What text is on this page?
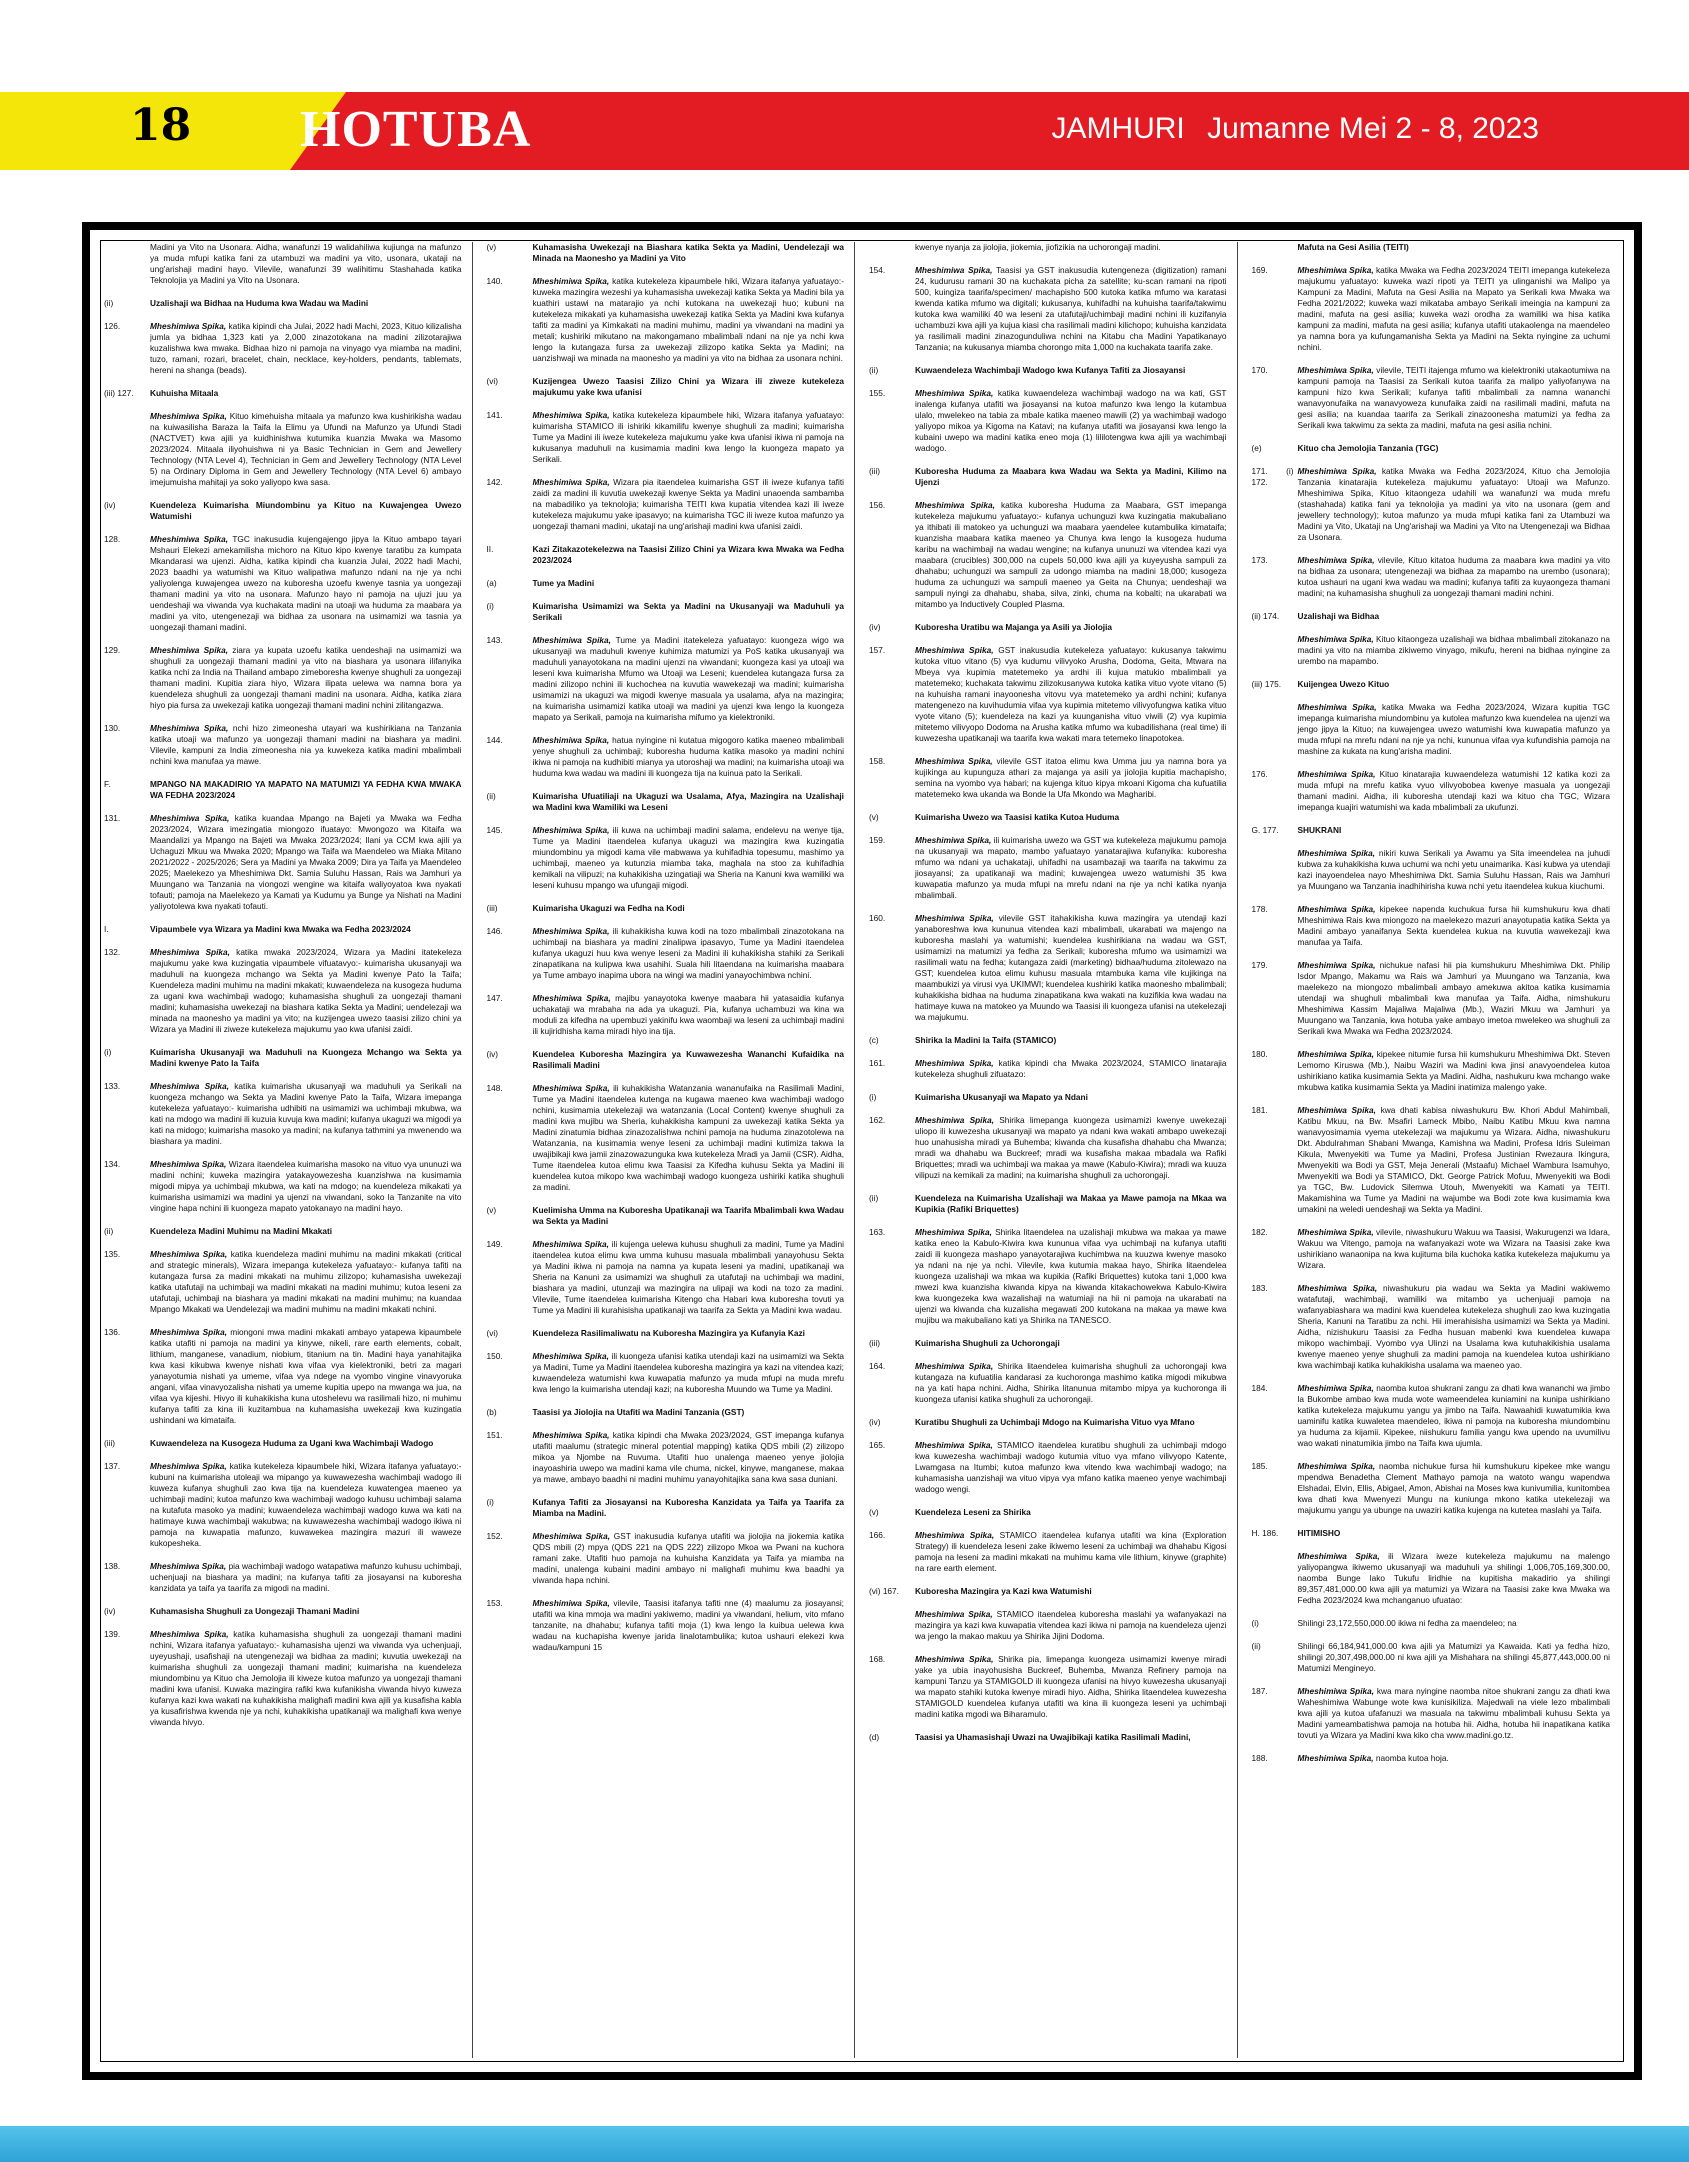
18 HOTUBA	JAMHURI Jumanne Mei 2 - 8, 2023
Madini ya Vito na Usonara. Aidha, wanafunzi 19 walidahiliwa kujiunga na mafunzo ya muda mfupi katika fani za utambuzi wa madini ya vito, usonara, ukataji na ung'arishaji madini hayo. Vilevile, wanafunzi 39 walihitimu Stashahada katika Teknolojia ya Madini ya Vito na Usonara.
(ii)	Uzalishaji wa Bidhaa na Huduma kwa Wadau wa Madini
126.	Mheshimiwa Spika, katika kipindi cha Julai, 2022 hadi Machi, 2023, Kituo kilizalisha jumla ya bidhaa 1,323 kati ya 2,000 zinazotokana na madini zilizotarajiwa kuzalishwa kwa mwaka. Bidhaa hizo ni pamoja na vinyago vya miamba na madini, tuzo, ramani, rozari, bracelet, chain, necklace, key-holders, pendants, tablemats, hereni na shanga (beads).
(iii) 127.	Kuhuisha Mitaala
Mheshimiwa Spika, Kituo kimehuisha mitaala ya mafunzo kwa kushirikisha wadau na kuiwasilisha Baraza la Taifa la Elimu ya Ufundi na Mafunzo ya Ufundi Stadi (NACTVET) kwa ajili ya kuidhinishwa kutumika kuanzia Mwaka wa Masomo 2023/2024. Mitaala iliyohuishwa ni ya Basic Technician in Gem and Jewellery Technology (NTA Level 4), Technician in Gem and Jewellery Technology (NTA Level 5) na Ordinary Diploma in Gem and Jewellery Technology (NTA Level 6) ambayo imejumuisha mahitaji ya soko yaliyopo kwa sasa.
(iv)	Kuendeleza Kuimarisha Miundombinu ya Kituo na Kuwajengea Uwezo Watumishi
128.	Mheshimiwa Spika, TGC inakusudia kujengajengo jipya la Kituo ambapo tayari Mshauri Elekezi amekamilisha michoro na Kituo kipo kwenye taratibu za kumpata Mkandarasi wa ujenzi. Aidha, katika kipindi cha kuanzia Julai, 2022 hadi Machi, 2023 baadhi ya watumishi wa Kituo walipatiwa mafunzo ndani na nje ya nchi yaliyolenga kuwajengea uwezo na kuboresha uzoefu kwenye tasnia ya uongezaji thamani madini ya vito na usonara. Mafunzo hayo ni pamoja na ujuzi juu ya uendeshaji wa viwanda vya kuchakata madini na utoaji wa huduma za maabara ya madini ya vito, utengenezaji wa bidhaa za usonara na usimamizi wa tasnia ya uongezaji thamani madini.
129.	Mheshimiwa Spika, ziara ya kupata uzoefu katika uendeshaji na usimamizi wa shughuli za uongezaji thamani madini ya vito na biashara ya usonara ilifanyika katika nchi za India na Thailand ambapo zimeboresha kwenye shughuli za uongezaji thamani madini. Kupitia ziara hiyo, Wizara ilipata uelewa wa namna bora ya kuendeleza shughuli za uongezaji thamani madini na usonara. Aidha, katika ziara hiyo pia fursa za uwekezaji katika uongezaji thamani madini nchini zilitangazwa.
130.	Mheshimiwa Spika, nchi hizo zimeonesha utayari wa kushirikiana na Tanzania katika utoaji wa mafunzo ya uongezaji thamani madini na biashara ya madini. Vilevile, kampuni za India zimeonesha nia ya kuwekeza katika madini mbalimbali nchini kwa manufaa ya mawe.
F.	MPANGO NA MAKADIRIO YA MAPATO NA MATUMIZI YA FEDHA KWA MWAKA WA FEDHA 2023/2024
131.	Mheshimiwa Spika, katika kuandaa Mpango na Bajeti ya Mwaka wa Fedha 2023/2024, Wizara imezingatia miongozo ifuatayo: Mwongozo wa Kitaifa wa Maandalizi ya Mpango na Bajeti wa Mwaka 2023/2024; Ilani ya CCM kwa ajili ya Uchaguzi Mkuu wa Mwaka 2020; Mpango wa Taifa wa Maendeleo wa Miaka Mitano 2021/2022 - 2025/2026; Sera ya Madini ya Mwaka 2009; Dira ya Taifa ya Maendeleo 2025; Maelekezo ya Mheshimiwa Dkt. Samia Suluhu Hassan, Rais wa Jamhuri ya Muungano wa Tanzania na viongozi wengine wa kitaifa waliyoyatoa kwa nyakati tofauti; pamoja na Maelekezo ya Kamati ya Kudumu ya Bunge ya Nishati na Madini yaliyotolewa kwa nyakati tofauti.
I.	Vipaumbele vya Wizara ya Madini kwa Mwaka wa Fedha 2023/2024
132.	Mheshimiwa Spika, katika mwaka 2023/2024, Wizara ya Madini itatekeleza majukumu yake kwa kuzingatia vipaumbele vifuatavyo:- kuimarisha ukusanyaji wa maduhuli na kuongeza mchango wa Sekta ya Madini kwenye Pato la Taifa; Kuendeleza madini muhimu na madini mkakati; kuwaendeleza na kusogeza huduma za ugani kwa wachimbaji wadogo; kuhamasisha shughuli za uongezaji thamani madini; kuhamasisha uwekezaji na biashara katika Sekta ya Madini; uendelezaji wa minada na maonesho ya madini ya vito; na kuzijengea uwezo taasisi zilizo chini ya Wizara ya Madini ili ziweze kutekeleza majukumu yao kwa ufanisi zaidi.
(i)	Kuimarisha Ukusanyaji wa Maduhuli na Kuongeza Mchango wa Sekta ya Madini kwenye Pato la Taifa
133.	Mheshimiwa Spika, katika kuimarisha ukusanyaji wa maduhuli ya Serikali na kuongeza mchango wa Sekta ya Madini kwenye Pato la Taifa, Wizara imepanga kutekeleza yafuatayo:- kuimarisha udhibiti na usimamizi wa uchimbaji mkubwa, wa kati na mdogo wa madini ili kuzuia kuvuja kwa madini; kufanya ukaguzi wa migodi ya kati na midogo; kuimarisha masoko ya madini; na kufanya tathmini ya mwenendo wa biashara ya madini.
134.	Mheshimiwa Spika, Wizara itaendelea kuimarisha masoko na vituo vya ununuzi wa madini nchini; kuweka mazingira yatakayowezesha kuanzishwa na kusimamia migodi mipya ya uchimbaji mkubwa, wa kati na mdogo; na kuendeleza mikakati ya kuimarisha usimamizi wa madini ya ujenzi na viwandani, soko la Tanzanite na vito vingine hapa nchini ili kuongeza mapato yatokanayo na madini hayo.
(ii)	Kuendeleza Madini Muhimu na Madini Mkakati
135.	Mheshimiwa Spika, katika kuendeleza madini muhimu na madini mkakati (critical and strategic minerals), Wizara imepanga kutekeleza yafuatayo:- kufanya tafiti na kutangaza fursa za madini mkakati na muhimu zilizopo; kuhamasisha uwekezaji katika utafutaji na uchimbaji wa madini mkakati na madini muhimu; kutoa leseni za utafutaji, uchimbaji na biashara ya madini mkakati na madini muhimu; na kuandaa Mpango Mkakati wa Uendelezaji wa madini muhimu na madini mkakati nchini.
136.	Mheshimiwa Spika, miongoni mwa madini mkakati ambayo yatapewa kipaumbele katika utafiti ni pamoja na madini ya kinywe, nikeli, rare earth elements, cobalt, lithium, manganese, vanadium, niobium, titanium na tin. Madini haya yanahitajika kwa kasi kikubwa kwenye nishati kwa vifaa vya kielektroniki, betri za magari yanayotumia nishati ya umeme, vifaa vya ndege na vyombo vingine vinavyoruka angani, vifaa vinavyozalisha nishati ya umeme kupitia upepo na mwanga wa jua, na vifaa vya kijeshi. Hivyo ili kuhakikisha kuna utoshelevu wa rasilimali hizo, ni muhimu kufanya tafiti za kina ili kuzitambua na kuhamasisha uwekezaji kwa kuzingatia ushindani wa kimataifa.
(iii)	Kuwaendeleza na Kusogeza Huduma za Ugani kwa Wachimbaji Wadogo
137.	Mheshimiwa Spika, katika kutekeleza kipaumbele hiki, Wizara itafanya yafuatayo:- kubuni na kuimarisha utoleaji wa mipango ya kuwawezesha wachimbaji wadogo ili kuweza kufanya shughuli zao kwa tija na kuendeleza kuwatengea maeneo ya uchimbaji madini; kutoa mafunzo kwa wachimbaji wadogo kuhusu uchimbaji salama na kutafuta masoko ya madini; kuwaendeleza wachimbaji wadogo kuwa wa kati na hatimaye kuwa wachimbaji wakubwa; na kuwawezesha wachimbaji wadogo ikiwa ni pamoja na kuwapatia mafunzo, kuwawekea mazingira mazuri ili waweze kukopesheka.
138.	Mheshimiwa Spika, pia wachimbaji wadogo watapatiwa mafunzo kuhusu uchimbaji, uchenjuaji na biashara ya madini; na kufanya tafiti za jiosayansi na kuboresha kanzidata ya taifa ya taarifa za migodi na madini.
(iv)	Kuhamasisha Shughuli za Uongezaji Thamani Madini
139.	Mheshimiwa Spika, katika kuhamasisha shughuli za uongezaji thamani madini nchini, Wizara itafanya yafuatayo:- kuhamasisha ujenzi wa viwanda vya uchenjuaji, uyeyushaji, usafishaji na utengenezaji wa bidhaa za madini; kuvutia uwekezaji na kuimarisha shughuli za uongezaji thamani madini; kuimarisha na kuendeleza miundombinu ya Kituo cha Jemolojia ili kiweze kutoa mafunzo ya uongezaji thamani madini kwa ufanisi. Kuwaka mazingira rafiki kwa kufanikisha viwanda hivyo kuweza kufanya kazi kwa wakati na kuhakikisha malighafi madini kwa ajili ya kusafisha kabla ya kusafirishwa kwenda nje ya nchi, kuhakikisha upatikanaji wa malighafi kwa wenye viwanda hivyo.
(v)	Kuhamasisha Uwekezaji na Biashara katika Sekta ya Madini, Uendelezaji wa Minada na Maonesho ya Madini ya Vito
140.	Mheshimiwa Spika, katika kutekeleza kipaumbele hiki, Wizara itafanya yafuatayo:- kuweka mazingira wezeshi ya kuhamasisha uwekezaji katika Sekta ya Madini bila ya kuathiri ustawi na matarajio ya nchi kutokana na uwekezaji huo; kubuni na kutekeleza mikakati ya kuhamasisha uwekezaji katika Sekta ya Madini kwa kufanya tafiti za madini ya Kimkakati na madini muhimu, madini ya viwandani na madini ya metali; kushiriki mikutano na makongamano mbalimbali ndani na nje ya nchi kwa lengo la kutangaza fursa za uwekezaji zilizopo katika Sekta ya Madini; na uanzishwaji wa minada na maonesho ya madini ya vito na bidhaa za usonara nchini.
(vi)	Kuzijengea Uwezo Taasisi Zilizo Chini ya Wizara ili ziweze kutekeleza majukumu yake kwa ufanisi
141.	Mheshimiwa Spika, katika kutekeleza kipaumbele hiki, Wizara itafanya yafuatayo: kuimarisha STAMICO ili ishiriki kikamilifu kwenye shughuli za madini; kuimarisha Tume ya Madini ili iweze kutekeleza majukumu yake kwa ufanisi ikiwa ni pamoja na kukusanya maduhuli na kusimamia madini kwa lengo la kuongeza mapato ya Serikali.
142.	Mheshimiwa Spika, Wizara pia itaendelea kuimarisha GST ili iweze kufanya tafiti zaidi za madini ili kuvutia uwekezaji kwenye Sekta ya Madini unaoenda sambamba na mabadiliko ya teknolojia; kuimarisha TEITI kwa kupatia vitendea kazi ili iweze kutekeleza majukumu yake ipasavyo; na kuimarisha TGC ili iweze kutoa mafunzo ya uongezaji thamani madini, ukataji na ung'arishaji madini kwa ufanisi zaidi.
II.	Kazi Zitakazotekelezwa na Taasisi Zilizo Chini ya Wizara kwa Mwaka wa Fedha 2023/2024
(a)	Tume ya Madini
(i)	Kuimarisha Usimamizi wa Sekta ya Madini na Ukusanyaji wa Maduhuli ya Serikali
143.	Mheshimiwa Spika, Tume ya Madini itatekeleza yafuatayo: kuongeza wigo wa ukusanyaji wa maduhuli kwenye kuhimiza matumizi ya PoS katika ukusanyaji wa maduhuli yanayotokana na madini ujenzi na viwandani; kuongeza kasi ya utoaji wa leseni kwa kuimarisha Mfumo wa Utoaji wa Leseni; kuendelea kutangaza fursa za madini zilizopo nchini ili kuchochea na kuvutia wawekezaji wa madini; kuimarisha usimamizi na ukaguzi wa migodi kwenye masuala ya usalama, afya na mazingira; na kuimarisha usimamizi katika utoaji wa madini ya ujenzi kwa lengo la kuongeza mapato ya Serikali, pamoja na kuimarisha mifumo ya kielektroniki.
144.	Mheshimiwa Spika, hatua nyingine ni kutatua migogoro katika maeneo mbalimbali yenye shughuli za uchimbaji; kuboresha huduma katika masoko ya madini nchini ikiwa ni pamoja na kudhibiti mianya ya utoroshaji wa madini; na kuimarisha utoaji wa huduma kwa wadau wa madini ili kuongeza tija na kuinua pato la Serikali.
(ii)	Kuimarisha Ufuatiliaji na Ukaguzi wa Usalama, Afya, Mazingira na Uzalishaji wa Madini kwa Wamiliki wa Leseni
145.	Mheshimiwa Spika, ili kuwa na uchimbaji madini salama, endelevu na wenye tija, Tume ya Madini itaendelea kufanya ukaguzi wa mazingira kwa kuzingatia miundombinu ya migodi kama vile mabwawa ya kuhifadhia topesumu, mashimo ya uchimbaji, maeneo ya kutunzia miamba taka, maghala na stoo za kuhifadhia kemikali na vilipuzi; na kuhakikisha uzingatiaji wa Sheria na Kanuni kwa wamiliki wa leseni kuhusu mpango wa ufungaji migodi.
(iii)	Kuimarisha Ukaguzi wa Fedha na Kodi
146.	Mheshimiwa Spika, ili kuhakikisha kuwa kodi na tozo mbalimbali zinazotokana na uchimbaji na biashara ya madini zinalipwa ipasavyo, Tume ya Madini itaendelea kufanya ukaguzi huu kwa wenye leseni za Madini ili kuhakikisha stahiki za Serikali zinapatikana na kulipwa kwa usahihi. Suala hili litaendana na kuimarisha maabara ya Tume ambayo inapima ubora na wingi wa madini yanayochimbwa nchini.
147.	Mheshimiwa Spika, majibu yanayotoka kwenye maabara hii yatasaidia kufanya uchakataji wa mrabaha na ada ya ukaguzi. Pia, kufanya uchambuzi wa kina wa moduli za kifedha na upembuzi yakinifu kwa waombaji wa leseni za uchimbaji madini ili kujiridhisha kama miradi hiyo ina tija.
(iv)	Kuendelea Kuboresha Mazingira ya Kuwawezesha Wananchi Kufaidika na Rasilimali Madini
148.	Mheshimiwa Spika, ili kuhakikisha Watanzania wananufaika na Rasilimali Madini, Tume ya Madini itaendelea kutenga na kugawa maeneo kwa wachimbaji wadogo nchini, kusimamia utekelezaji wa watanzania (Local Content) kwenye shughuli za madini kwa mujibu wa Sheria, kuhakikisha kampuni za uwekezaji katika Sekta ya Madini zinatumia bidhaa zinazozalishwa nchini pamoja na huduma zinazotolewa na Watanzania, na kusimamia wenye leseni za uchimbaji madini kutimiza takwa la uwajibikaji kwa jamii zinazowazunguka kwa kutekeleza Mradi ya Jamii (CSR). Aidha, Tume itaendelea kutoa elimu kwa Taasisi za Kifedha kuhusu Sekta ya Madini ili kuendelea kutoa mikopo kwa wachimbaji wadogo kuongeza ushiriki katika shughuli za madini.
(v)	Kuelimisha Umma na Kuboresha Upatikanaji wa Taarifa Mbalimbali kwa Wadau wa Sekta ya Madini
149.	Mheshimiwa Spika, ili kujenga uelewa kuhusu shughuli za madini, Tume ya Madini itaendelea kutoa elimu kwa umma kuhusu masuala mbalimbali yanayohusu Sekta ya Madini ikiwa ni pamoja na namna ya kupata leseni ya madini, upatikanaji wa Sheria na Kanuni za usimamizi wa shughuli za utafutaji na uchimbaji wa madini, biashara ya madini, utunzaji wa mazingira na ulipaji wa kodi na tozo za madini. Vilevile, Tume itaendelea kuimarisha Kitengo cha Habari kwa kuboresha tovuti ya Tume ya Madini ili kurahisisha upatikanaji wa taarifa za Sekta ya Madini kwa wadau.
(vi)	Kuendeleza Rasilimaliwatu na Kuboresha Mazingira ya Kufanyia Kazi
150.	Mheshimiwa Spika, ili kuongeza ufanisi katika utendaji kazi na usimamizi wa Sekta ya Madini, Tume ya Madini itaendelea kuboresha mazingira ya kazi na vitendea kazi; kuwaendeleza watumishi kwa kuwapatia mafunzo ya muda mfupi na muda mrefu kwa lengo la kuimarisha utendaji kazi; na kuboresha Muundo wa Tume ya Madini.
(b)	Taasisi ya Jiolojia na Utafiti wa Madini Tanzania (GST)
151.	Mheshimiwa Spika, katika kipindi cha Mwaka 2023/2024, GST imepanga kufanya utafiti maalumu (strategic mineral potential mapping) katika QDS mbili (2) zilizopo mikoa ya Njombe na Ruvuma. Utafiti huo unalenga maeneo yenye jiolojia inayoashiria uwepo wa madini kama vile chuma, nickel, kinywe, manganese, makaa ya mawe, ambayo baadhi ni madini muhimu yanayohitajika sana kwa sasa duniani.
(i)	Kufanya Tafiti za Jiosayansi na Kuboresha Kanzidata ya Taifa ya Taarifa za Miamba na Madini.
152.	Mheshimiwa Spika, GST inakusudia kufanya utafiti wa jiolojia na jiokemia katika QDS mbili (2) mpya (QDS 221 na QDS 222) zilizopo Mkoa wa Pwani na kuchora ramani zake. Utafiti huo pamoja na kuhuisha Kanzidata ya Taifa ya miamba na madini, unalenga kubaini madini ambayo ni malighafi muhimu kwa baadhi ya viwanda hapa nchini.
153.	Mheshimiwa Spika, vilevile, Taasisi itafanya tafiti nne (4) maalumu za jiosayansi; utafiti wa kina mmoja wa madini yakiwemo, madini ya viwandani, helium, vito mfano tanzanite, na dhahabu; kufanya tafiti moja (1) kwa lengo la kuibua uelewa kwa wadau na kuchapisha kwenye jarida linalotambulika; kutoa ushauri elekezi kwa wadau/kampuni 15
kwenye nyanja za jiolojia, jiokemia, jiofizikia na uchorongaji madini.
154.	Mheshimiwa Spika, Taasisi ya GST inakusudia kutengeneza (digitization) ramani 24, kudurusu ramani 30 na kuchakata picha za satellite; ku-scan ramani na ripoti 500, kuingiza taarifa/specimen/ machapisho 500 kutoka katika mfumo wa karatasi kwenda katika mfumo wa digitali; kukusanya, kuhifadhi na kuhuisha taarifa/takwimu kutoka kwa wamiliki 40 wa leseni za utafutaji/uchimbaji madini nchini ili kuzifanyia uchambuzi kwa ajili ya kujua kiasi cha rasilimali madini kilichopo; kuhuisha kanzidata ya rasilimali madini zinazogunduliwa nchini na Kitabu cha Madini Yapatikanayo Tanzania; na kukusanya miamba chorongo mita 1,000 na kuchakata taarifa zake.
(ii)	Kuwaendeleza Wachimbaji Wadogo kwa Kufanya Tafiti za Jiosayansi
155.	Mheshimiwa Spika, katika kuwaendeleza wachimbaji wadogo na wa kati, GST inalenga kufanya utafiti wa jiosayansi na kutoa mafunzo kwa lengo la kutambua ulalo, mwelekeo na tabia za mbale katika maeneo mawili (2) ya wachimbaji wadogo yaliyopo mikoa ya Kigoma na Katavi; na kufanya utafiti wa jiosayansi kwa lengo la kubaini uwepo wa madini katika eneo moja (1) lililotengwa kwa ajili ya wachimbaji wadogo.
(iii)	Kuboresha Huduma za Maabara kwa Wadau wa Sekta ya Madini, Kilimo na Ujenzi
156.	Mheshimiwa Spika, katika kuboresha Huduma za Maabara, GST imepanga kutekeleza majukumu yafuatayo:- kufanya uchunguzi kwa kuzingatia makubaliano ya ithibati ili matokeo ya uchunguzi wa maabara yaendelee kutambulika kimataifa; kuanzisha maabara katika maeneo ya Chunya kwa lengo la kusogeza huduma karibu na wachimbaji na wadau wengine; na kufanya ununuzi wa vitendea kazi vya maabara (crucibles) 300,000 na cupels 50,000 kwa ajili ya kuyeyusha sampuli za dhahabu; uchunguzi wa sampuli za udongo miamba na madini 18,000; kusogeza huduma za uchunguzi wa sampuli maeneo ya Geita na Chunya; uendeshaji wa sampuli nyingi za dhahabu, shaba, silva, zinki, chuma na kobalti; na ukarabati wa mitambo ya Inductively Coupled Plasma.
(iv)	Kuboresha Uratibu wa Majanga ya Asili ya Jiolojia
157.	Mheshimiwa Spika, GST inakusudia kutekeleza yafuatayo: kukusanya takwimu kutoka vituo vitano (5) vya kudumu vilivyoko Arusha, Dodoma, Geita, Mtwara na Mbeya vya kupimia matetemeko ya ardhi ili kujua matukio mbalimbali ya matetemeko; kuchakata takwimu zilizokusanywa kutoka katika vituo vyote vitano (5) na kuhuisha ramani inayoonesha vitovu vya matetemeko ya ardhi nchini; kufanya matengenezo na kuvihudumia vifaa vya kupimia mitetemo vilivyofungwa katika vituo vyote vitano (5); kuendeleza na kazi ya kuunganisha vituo viwili (2) vya kupimia mitetemo vilivyopo Dodoma na Arusha katika mfumo wa kubadilishana (real time) ili kuwezesha upatikanaji wa taarifa kwa wakati mara tetemeko linapotokea.
158.	Mheshimiwa Spika, vilevile GST itatoa elimu kwa Umma juu ya namna bora ya kujikinga au kupunguza athari za majanga ya asili ya jiolojia kupitia machapisho, semina na vyombo vya habari; na kujenga kituo kipya mkoani Kigoma cha kufuatilia matetemeko kwa ukanda wa Bonde la Ufa Mkondo wa Magharibi.
(v)	Kuimarisha Uwezo wa Taasisi katika Kutoa Huduma
159.	Mheshimiwa Spika, ili kuimarisha uwezo wa GST wa kutekeleza majukumu pamoja na ukusanyaji wa mapato, mambo yafuatayo yanatarajiwa kufanyika: kuboresha mfumo wa ndani ya uchakataji, uhifadhi na usambazaji wa taarifa na takwimu za jiosayansi; za upatikanaji wa madini; kuwajengea uwezo watumishi 35 kwa kuwapatia mafunzo ya muda mfupi na mrefu ndani na nje ya nchi katika nyanja mbalimbali.
160.	Mheshimiwa Spika, vilevile GST itahakikisha kuwa mazingira ya utendaji kazi yanaboreshwa kwa kununua vitendea kazi mbalimbali, ukarabati wa majengo na kuboresha maslahi ya watumishi; kuendelea kushirikiana na wadau wa GST, usimamizi na matumizi ya fedha za Serikali; kuboresha mfumo wa usimamizi wa rasilimali watu na fedha; kutangaza zaidi (marketing) bidhaa/huduma zitolewazo na GST; kuendelea kutoa elimu kuhusu masuala mtambuka kama vile kujikinga na maambukizi ya virusi vya UKIMWI; kuendelea kushiriki katika maonesho mbalimbali; kuhakikisha bidhaa na huduma zinapatikana kwa wakati na kuzifikia kwa wadau na hatimaye kuwa na matokeo ya Muundo wa Taasisi ili kuongeza ufanisi na utekelezaji wa majukumu.
(c)	Shirika la Madini la Taifa (STAMICO)
161.	Mheshimiwa Spika, katika kipindi cha Mwaka 2023/2024, STAMICO linatarajia kutekeleza shughuli zifuatazo:
(i)	Kuimarisha Ukusanyaji wa Mapato ya Ndani
162.	Mheshimiwa Spika, Shirika limepanga kuongeza usimamizi kwenye uwekezaji uliopo ili kuwezesha ukusanyaji wa mapato ya ndani kwa wakati ambapo uwekezaji huo unahusisha miradi ya Buhemba; kiwanda cha kusafisha dhahabu cha Mwanza; mradi wa dhahabu wa Buckreef; mradi wa kusafisha makaa mbadala wa Rafiki Briquettes; mradi wa uchimbaji wa makaa ya mawe (Kabulo-Kiwira); mradi wa kuuza vilipuzi na kemikali za madini; na kuimarisha shughuli za uchorongaji.
(ii)	Kuendeleza na Kuimarisha Uzalishaji wa Makaa ya Mawe pamoja na Mkaa wa Kupikia (Rafiki Briquettes)
163.	Mheshimiwa Spika, Shirika litaendelea na uzalishaji mkubwa wa makaa ya mawe katika eneo la Kabulo-Kiwira kwa kununua vifaa vya uchimbaji na kufanya utafiti zaidi ili kuongeza mashapo yanayotarajiwa kuchimbwa na kuuzwa kwenye masoko ya ndani na nje ya nchi. Vilevile, kwa kutumia makaa hayo, Shirika litaendelea kuongeza uzalishaji wa mkaa wa kupikia (Rafiki Briquettes) kutoka tani 1,000 kwa mwezi kwa kuanzisha kiwanda kipya na kiwanda kitakachowekwa Kabulo-Kiwira kwa kuongezeka kwa wazalishaji na watumiaji na hii ni pamoja na ukarabati na ujenzi wa kiwanda cha kuzalisha megawati 200 kutokana na makaa ya mawe kwa mujibu wa makubaliano kati ya Shirika na TANESCO.
(iii)	Kuimarisha Shughuli za Uchorongaji
164.	Mheshimiwa Spika, Shirika litaendelea kuimarisha shughuli za uchorongaji kwa kutangaza na kufuatilia kandarasi za kuchoronga mashimo katika migodi mikubwa na ya kati hapa nchini. Aidha, Shirika litanunua mitambo mipya ya kuchoronga ili kuongeza ufanisi katika shughuli za uchorongaji.
(iv)	Kuratibu Shughuli za Uchimbaji Mdogo na Kuimarisha Vituo vya Mfano
165.	Mheshimiwa Spika, STAMICO itaendelea kuratibu shughuli za uchimbaji mdogo kwa kuwezesha wachimbaji wadogo kutumia vituo vya mfano vilivyopo Katente, Lwamgasa na Itumbi; kutoa mafunzo kwa vitendo kwa wachimbaji wadogo; na kuhamasisha uanzishaji wa vituo vipya vya mfano katika maeneo yenye wachimbaji wadogo wengi.
(v)	Kuendeleza Leseni za Shirika
166.	Mheshimiwa Spika, STAMICO itaendelea kufanya utafiti wa kina (Exploration Strategy) ili kuendeleza leseni zake ikiwemo leseni za uchimbaji wa dhahabu Kigosi pamoja na leseni za madini mkakati na muhimu kama vile lithium, kinywe (graphite) na rare earth element.
(vi) 167.	Kuboresha Mazingira ya Kazi kwa Watumishi
Mheshimiwa Spika, STAMICO itaendelea kuboresha maslahi ya wafanyakazi na mazingira ya kazi kwa kuwapatia vitendea kazi ikiwa ni pamoja na kuendeleza ujenzi wa jengo la makao makuu ya Shirika Jijini Dodoma.
168.	Mheshimiwa Spika, Shirika pia, limepanga kuongeza usimamizi kwenye miradi yake ya ubia inayohusisha Buckreef, Buhemba, Mwanza Refinery pamoja na kampuni Tanzu ya STAMIGOLD ili kuongeza ufanisi na hivyo kuwezesha ukusanyaji wa mapato stahiki kutoka kwenye miradi hiyo. Aidha, Shirika litaendelea kuwezesha STAMIGOLD kuendelea kufanya utafiti wa kina ili kuongeza leseni ya uchimbaji madini katika mgodi wa Biharamulo.
(d)	Taasisi ya Uhamasishaji Uwazi na Uwajibikaji katika Rasilimali Madini,
Mafuta na Gesi Asilia (TEITI)
169.	Mheshimiwa Spika, katika Mwaka wa Fedha 2023/2024 TEITI imepanga kutekeleza majukumu yafuatayo: kuweka wazi ripoti ya TEITI ya ulinganishi wa Malipo ya Kampuni za Madini, Mafuta na Gesi Asilia na Mapato ya Serikali kwa Mwaka wa Fedha 2021/2022; kuweka wazi mikataba ambayo Serikali imeingia na kampuni za madini, mafuta na gesi asilia; kuweka wazi orodha za wamiliki wa hisa katika kampuni za madini, mafuta na gesi asilia; kufanya utafiti utakaolenga na maendeleo ya namna bora ya kufungamanisha Sekta ya Madini na Sekta nyingine za uchumi nchini.
170.	Mheshimiwa Spika, vilevile, TEITI itajenga mfumo wa kielektroniki utakaotumiwa na kampuni pamoja na Taasisi za Serikali kutoa taarifa za malipo yaliyofanywa na kampuni hizo kwa Serikali; kufanya tafiti mbalimbali za namna wananchi wanavyonufaika na wanavyoweza kunufaika zaidi na rasilimali madini, mafuta na gesi asilia; na kuandaa taarifa za Serikali zinazoonesha matumizi ya fedha za Serikali kwa takwimu za sekta za madini, mafuta na gesi asilia nchini.
(e)	Kituo cha Jemolojia Tanzania (TGC)
171. (i) 172.
Mheshimiwa Spika, katika Mwaka wa Fedha 2023/2024, Kituo cha Jemolojia Tanzania kinatarajia kutekeleza majukumu yafuatayo: Utoaji wa Mafunzo. Mheshimiwa Spika, Kituo kitaongeza udahili wa wanafunzi wa muda mrefu (stashahada) katika fani ya teknolojia ya madini ya vito na usonara (gem and jewellery technology); kutoa mafunzo ya muda mfupi katika fani za Utambuzi wa Madini ya Vito, Ukataji na Ung'arishaji wa Madini ya Vito na Utengenezaji wa Bidhaa za Usonara.
173.	Mheshimiwa Spika, vilevile, Kituo kitatoa huduma za maabara kwa madini ya vito na bidhaa za usonara; utengenezaji wa bidhaa za mapambo na urembo (usonara); kutoa ushauri na ugani kwa wadau wa madini; kufanya tafiti za kuyaongeza thamani madini; na kuhamasisha shughuli za uongezaji thamani madini nchini.
(ii) 174.	Uzalishaji wa Bidhaa
Mheshimiwa Spika, Kituo kitaongeza uzalishaji wa bidhaa mbalimbali zitokanazo na madini ya vito na miamba zikiwemo vinyago, mikufu, hereni na bidhaa nyingine za urembo na mapambo.
(iii) 175.	Kuijengea Uwezo Kituo
Mheshimiwa Spika, katika Mwaka wa Fedha 2023/2024, Wizara kupitia TGC imepanga kuimarisha miundombinu ya kutolea mafunzo kwa kuendelea na ujenzi wa jengo jipya la Kituo; na kuwajengea uwezo watumishi kwa kuwapatia mafunzo ya muda mfupi na mrefu ndani na nje ya nchi, kununua vifaa vya kufundishia pamoja na mashine za kukata na kung'arisha madini.
176.	Mheshimiwa Spika, Kituo kinatarajia kuwaendeleza watumishi 12 katika kozi za muda mfupi na mrefu katika vyuo vilivyobobea kwenye masuala ya uongezaji thamani madini. Aidha, ili kuboresha utendaji kazi wa kituo cha TGC, Wizara imepanga kuajiri watumishi wa kada mbalimbali za ukufunzi.
G. 177.	SHUKRANI
Mheshimiwa Spika, nikiri kuwa Serikali ya Awamu ya Sita imeendelea na juhudi kubwa za kuhakikisha kuwa uchumi wa nchi yetu unaimarika. Kasi kubwa ya utendaji kazi inayoendelea nayo Mheshimiwa Dkt. Samia Suluhu Hassan, Rais wa Jamhuri ya Muungano wa Tanzania inadhihirisha kuwa nchi yetu itaendelea kukua kiuchumi.
178.	Mheshimiwa Spika, kipekee napenda kuchukua fursa hii kumshukuru kwa dhati Mheshimiwa Rais kwa miongozo na maelekezo mazuri anayotupatia katika Sekta ya Madini ambayo yanaifanya Sekta kuendelea kukua na kuvutia wawekezaji kwa manufaa ya Taifa.
179.	Mheshimiwa Spika, nichukue nafasi hii pia kumshukuru Mheshimiwa Dkt. Philip Isdor Mpango, Makamu wa Rais wa Jamhuri ya Muungano wa Tanzania, kwa maelekezo na miongozo mbalimbali ambayo amekuwa akitoa katika kusimamia utendaji wa shughuli mbalimbali kwa manufaa ya Taifa. Aidha, nimshukuru Mheshimiwa Kassim Majaliwa Majaliwa (Mb.), Waziri Mkuu wa Jamhuri ya Muungano wa Tanzania, kwa hotuba yake ambayo imetoa mwelekeo wa shughuli za Serikali kwa Mwaka wa Fedha 2023/2024.
180.	Mheshimiwa Spika, kipekee nitumie fursa hii kumshukuru Mheshimiwa Dkt. Steven Lemomo Kiruswa (Mb.), Naibu Waziri wa Madini kwa jinsi anavyoendelea kutoa ushirikiano katika kusimamia Sekta ya Madini. Aidha, nashukuru kwa mchango wake mkubwa katika kusimamia Sekta ya Madini inatimiza malengo yake.
181.	Mheshimiwa Spika, kwa dhati kabisa niwashukuru Bw. Khori Abdul Mahimbali, Katibu Mkuu, na Bw. Msafiri Lameck Mbibo, Naibu Katibu Mkuu kwa namna wanavyosimamia vyema utekelezaji wa majukumu ya Wizara. Aidha, niwashukuru Dkt. Abdulrahman Shabani Mwanga, Kamishna wa Madini, Profesa Idris Suleiman Kikula, Mwenyekiti wa Tume ya Madini, Profesa Justinian Rwezaura Ikingura, Mwenyekiti wa Bodi ya GST, Meja Jenerali (Mstaafu) Michael Wambura Isamuhyo, Mwenyekiti wa Bodi ya STAMICO, Dkt. George Patrick Mofuu, Mwenyekiti wa Bodi ya TGC, Bw. Ludovick Silemwa Utouh, Mwenyekiti wa Kamati ya TEITI. Makamishina wa Tume ya Madini na wajumbe wa Bodi zote kwa kusimamia kwa umakini na weledi uendeshaji wa Sekta ya Madini.
182.	Mheshimiwa Spika, vilevile, niwashukuru Wakuu wa Taasisi, Wakurugenzi wa Idara, Wakuu wa Vitengo, pamoja na wafanyakazi wote wa Wizara na Taasisi zake kwa ushirikiano wanaonipa na kwa kujituma bila kuchoka katika kutekeleza majukumu ya Wizara.
183.	Mheshimiwa Spika, niwashukuru pia wadau wa Sekta ya Madini wakiwemo watafutaji, wachimbaji, wamiliki wa mitambo ya uchenjuaji pamoja na wafanyabiashara wa madini kwa kuendelea kutekeleza shughuli zao kwa kuzingatia Sheria, Kanuni na Taratibu za nchi. Hii imerahisisha usimamizi wa Sekta ya Madini. Aidha, nizishukuru Taasisi za Fedha husuan mabenki kwa kuendelea kuwapa mikopo wachimbaji. Vyombo vya Ulinzi na Usalama kwa kutuhakikishia usalama kwenye maeneo yenye shughuli za madini pamoja na kuendelea kutoa ushirikiano kwa wachimbaji katika kuhakikisha usalama wa maeneo yao.
184.	Mheshimiwa Spika, naomba kutoa shukrani zangu za dhati kwa wananchi wa jimbo la Bukombe ambao kwa muda wote wameendelea kuniamini na kunipa ushirikiano katika kutekeleza majukumu yangu ya jimbo na Taifa. Nawaahidi kuwatumikia kwa uaminifu katika kuwaletea maendeleo, ikiwa ni pamoja na kuboresha miundombinu ya huduma za kijamii. Kipekee, niishukuru familia yangu kwa upendo na uvumilivu wao wakati ninatumikia jimbo na Taifa kwa ujumla.
185.	Mheshimiwa Spika, naomba nichukue fursa hii kumshukuru kipekee mke wangu mpendwa Benadetha Clement Mathayo pamoja na watoto wangu wapendwa Elshadai, Elvin, Ellis, Abigael, Amon, Abishai na Moses kwa kunivumilia, kunitombea kwa dhati kwa Mwenyezi Mungu na kuniunga mkono katika utekelezaji wa majukumu yangu ya ubunge na uwaziri katika kujenga na kutetea maslahi ya Taifa.
H. 186.	HITIMISHO
Mheshimiwa Spika, ili Wizara iweze kutekeleza majukumu na malengo yaliyopangwa ikiwemo ukusanyaji wa maduhuli ya shilingi 1,006,705,169,300.00, naomba Bunge lako Tukufu liridhie na kupitisha makadirio ya shilingi 89,357,481,000.00 kwa ajili ya matumizi ya Wizara na Taasisi zake kwa Mwaka wa Fedha 2023/2024 kwa mchanganuo ufuatao:
(i)	Shilingi 23,172,550,000.00 ikiwa ni fedha za maendeleo; na
(ii)	Shilingi 66,184,941,000.00 kwa ajili ya Matumizi ya Kawaida. Kati ya fedha hizo, shilingi 20,307,498,000.00 ni kwa ajili ya Mishahara na shilingi 45,877,443,000.00 ni Matumizi Mengineyo.
187.	Mheshimiwa Spika, kwa mara nyingine naomba nitoe shukrani zangu za dhati kwa Waheshimiwa Wabunge wote kwa kunisikiliza. Majedwali na viele lezo mbalimbali kwa ajili ya kutoa ufafanuzi wa masuala na takwimu mbalimbali kuhusu Sekta ya Madini yameambatishwa pamoja na hotuba hii. Aidha, hotuba hii inapatikana katika tovuti ya Wizara ya Madini kwa kiko cha www.madini.go.tz.
188.	Mheshimiwa Spika, naomba kutoa hoja.
